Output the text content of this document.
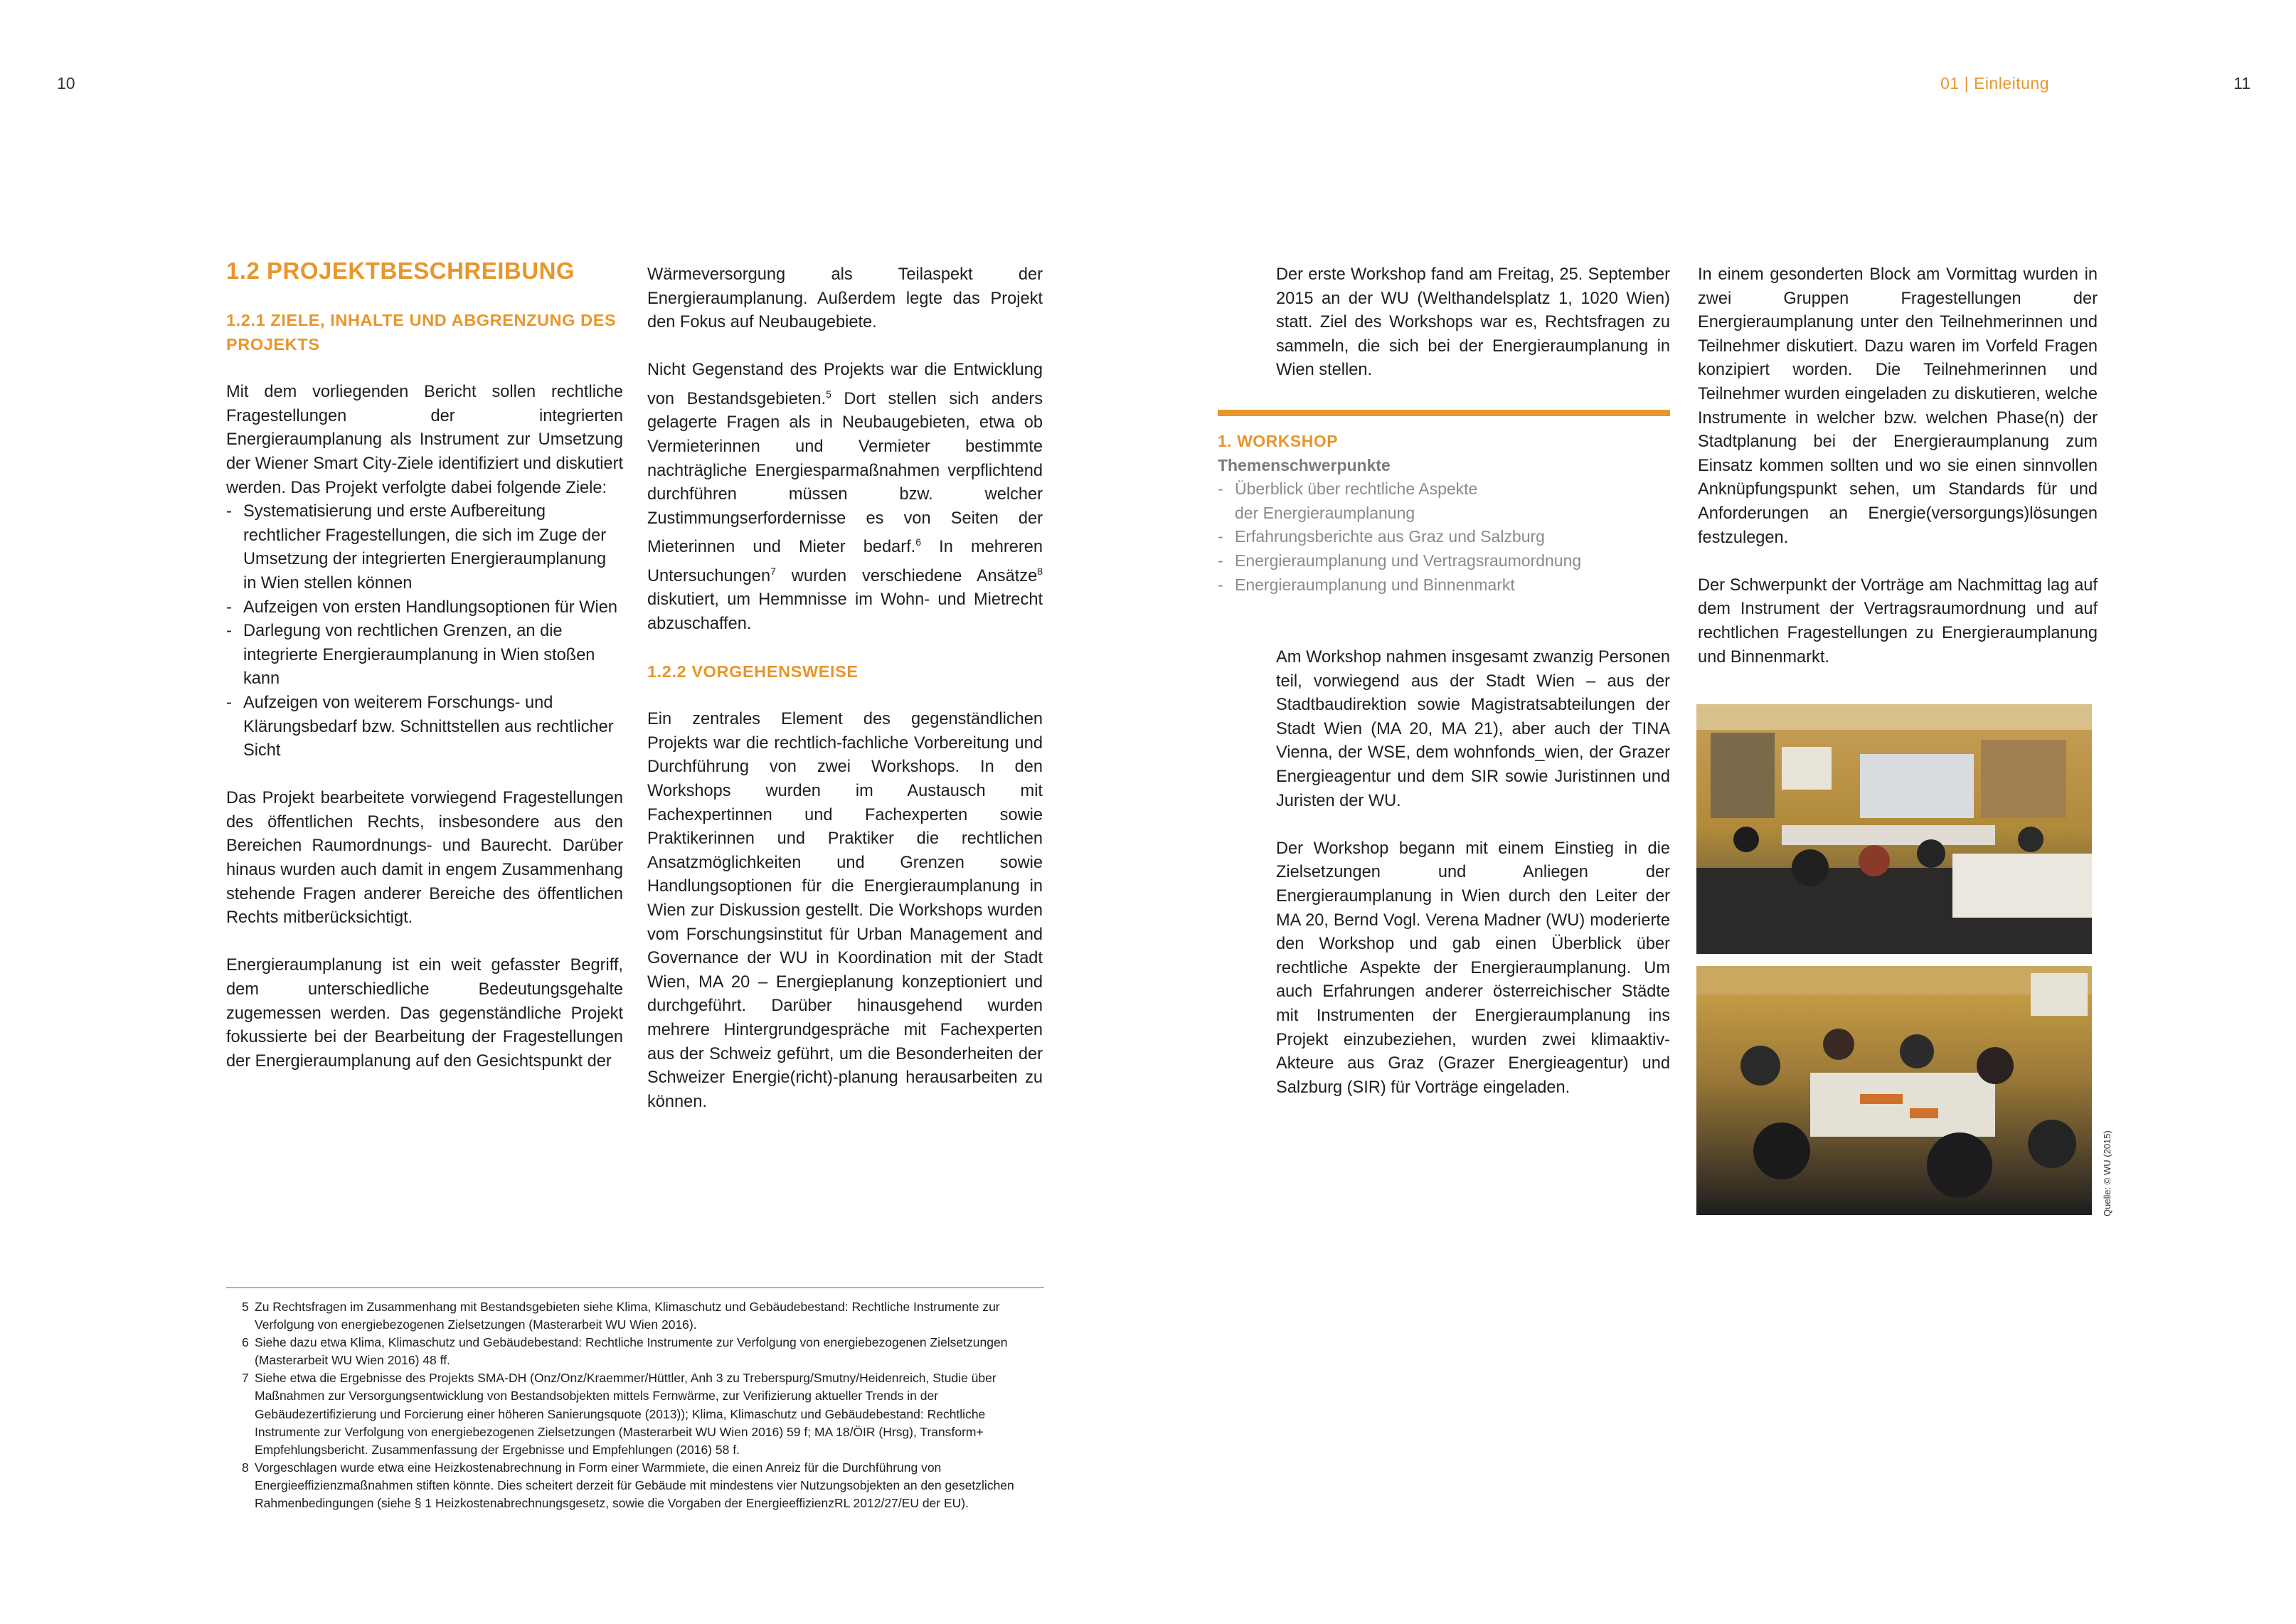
10	01 | Einleitung	11
1.2 PROJEKTBESCHREIBUNG
1.2.1 ZIELE, INHALTE UND ABGRENZUNG DES
PROJEKTS

Mit dem vorliegenden Bericht sollen rechtliche Fragestellungen der integrierten Energieraumplanung als Instrument zur Umsetzung der Wiener Smart City-Ziele identifiziert und diskutiert werden. Das Projekt verfolgte dabei folgende Ziele:

- Systematisierung und erste Aufbereitung rechtlicher Fragestellungen, die sich im Zuge der Umsetzung der integrierten Energieraumplanung in Wien stellen können
- Aufzeigen von ersten Handlungsoptionen für Wien
- Darlegung von rechtlichen Grenzen, an die integrierte Energieraumplanung in Wien stoßen kann
- Aufzeigen von weiterem Forschungs- und Klärungsbedarf bzw. Schnittstellen aus rechtlicher Sicht

Das Projekt bearbeitete vorwiegend Fragestellungen des öffentlichen Rechts, insbesondere aus den Bereichen Raumordnungs- und Baurecht. Darüber hinaus wurden auch damit in engem Zusammenhang stehende Fragen anderer Bereiche des öffentlichen Rechts mitberücksichtigt.

Energieraumplanung ist ein weit gefasster Begriff, dem unterschiedliche Bedeutungsgehalte zugemessen werden. Das gegenständliche Projekt fokussierte bei der Bearbeitung der Fragestellungen der Energieraumplanung auf den Gesichtspunkt der

Wärmeversorgung als Teilaspekt der Energieraumplanung. Außerdem legte das Projekt den Fokus auf Neubaugebiete.

Nicht Gegenstand des Projekts war die Entwicklung von Bestandsgebieten.$^5$ Dort stellen sich anders gelagerte Fragen als in Neubaugebieten, etwa ob Vermieterinnen und Vermieter bestimmte nachträgliche Energiesparmaßnahmen verpflichtend durchführen müssen bzw. welcher Zustimmungserfordernisse es von Seiten der Mieterinnen und Mieter bedarf.$^6$ In mehreren Untersuchungen$^7$ wurden verschiedene Ansätze$^8$ diskutiert, um Hemmnisse im Wohn- und Mietrecht abzuschaffen.

1.2.2 VORGEHENSWEISE

Ein zentrales Element des gegenständlichen Projekts war die rechtlich-fachliche Vorbereitung und Durchführung von zwei Workshops. In den Workshops wurden im Austausch mit Fachexpertinnen und Fachexperten sowie Praktikerinnen und Praktiker die rechtlichen Ansatzmöglichkeiten und Grenzen sowie Handlungsoptionen für die Energieraumplanung in Wien zur Diskussion gestellt. Die Workshops wurden vom Forschungsinstitut für Urban Management and Governance der WU in Koordination mit der Stadt Wien, MA 20 – Energieplanung konzeptioniert und durchgeführt. Darüber hinausgehend wurden mehrere Hintergrundgespräche mit Fachexperten aus der Schweiz geführt, um die Besonderheiten der Schweizer Energie(richt)-planung herausarbeiten zu können.

5 Zu Rechtsfragen im Zusammenhang mit Bestandsgebieten siehe Klima, Klimaschutz und Gebäudebestand: Rechtliche Instrumente zur Verfolgung von energiebezogenen Zielsetzungen (Masterarbeit WU Wien 2016).
6 Siehe dazu etwa Klima, Klimaschutz und Gebäudebestand: Rechtliche Instrumente zur Verfolgung von energiebezogenen Zielsetzungen (Masterarbeit WU Wien 2016) 48 ff.
7 Siehe etwa die Ergebnisse des Projekts SMA-DH (Onz/Onz/Kraemmer/Hüttler, Anh 3 zu Treberspurg/Smutny/Heidenreich, Studie über Maßnahmen zur Versorgungsentwicklung von Bestandsobjekten mittels Fernwärme, zur Verifizierung aktueller Trends in der Gebäudezertifizierung und Forcierung einer höheren Sanierungsquote (2013)); Klima, Klimaschutz und Gebäudebestand: Rechtliche Instrumente zur Verfolgung von energiebezogenen Zielsetzungen (Masterarbeit WU Wien 2016) 59 f; MA 18/ÖIR (Hrsg), Transform+ Empfehlungsbericht. Zusammenfassung der Ergebnisse und Empfehlungen (2016) 58 f.
8 Vorgeschlagen wurde etwa eine Heizkostenabrechnung in Form einer Warmmiete, die einen Anreiz für die Durchführung von Energieeffizienzmaßnahmen stiften könnte. Dies scheitert derzeit für Gebäude mit mindestens vier Nutzungsobjekten an den gesetzlichen Rahmenbedingungen (siehe § 1 Heizkostenabrechnungsgesetz, sowie die Vorgaben der EnergieeffizienzRL 2012/27/EU der EU).

Der erste Workshop fand am Freitag, 25. September 2015 an der WU (Welthandelsplatz 1, 1020 Wien) statt. Ziel des Workshops war es, Rechtsfragen zu sammeln, die sich bei der Energieraumplanung in Wien stellen.

1. WORKSHOP
Themenschwerpunkte
- Überblick über rechtliche Aspekte der Energieraumplanung
- Erfahrungsberichte aus Graz und Salzburg
- Energieraumplanung und Vertragsraumordnung
- Energieraumplanung und Binnenmarkt

Am Workshop nahmen insgesamt zwanzig Personen teil, vorwiegend aus der Stadt Wien – aus der Stadtbaudirektion sowie Magistratsabteilungen der Stadt Wien (MA 20, MA 21), aber auch der TINA Vienna, der WSE, dem wohnfonds_wien, der Grazer Energieagentur und dem SIR sowie Juristinnen und Juristen der WU.

Der Workshop begann mit einem Einstieg in die Zielsetzungen und Anliegen der Energieraumplanung in Wien durch den Leiter der MA 20, Bernd Vogl. Verena Madner (WU) moderierte den Workshop und gab einen Überblick über rechtliche Aspekte der Energieraumplanung. Um auch Erfahrungen anderer österreichischer Städte mit Instrumenten der Energieraumplanung ins Projekt einzubeziehen, wurden zwei klimaaktiv-Akteure aus Graz (Grazer Energieagentur) und Salzburg (SIR) für Vorträge eingeladen.

In einem gesonderten Block am Vormittag wurden in zwei Gruppen Fragestellungen der Energieraumplanung unter den Teilnehmerinnen und Teilnehmer diskutiert. Dazu waren im Vorfeld Fragen konzipiert worden. Die Teilnehmerinnen und Teilnehmer wurden eingeladen zu diskutieren, welche Instrumente in welcher bzw. welchen Phase(n) der Stadtplanung bei der Energieraumplanung zum Einsatz kommen sollten und wo sie einen sinnvollen Anknüpfungspunkt sehen, um Standards für und Anforderungen an Energie(versorgungs)lösungen festzulegen.

Der Schwerpunkt der Vorträge am Nachmittag lag auf dem Instrument der Vertragsraumordnung und auf rechtlichen Fragestellungen zu Energieraumplanung und Binnenmarkt.

Quelle: © WU (2015)
